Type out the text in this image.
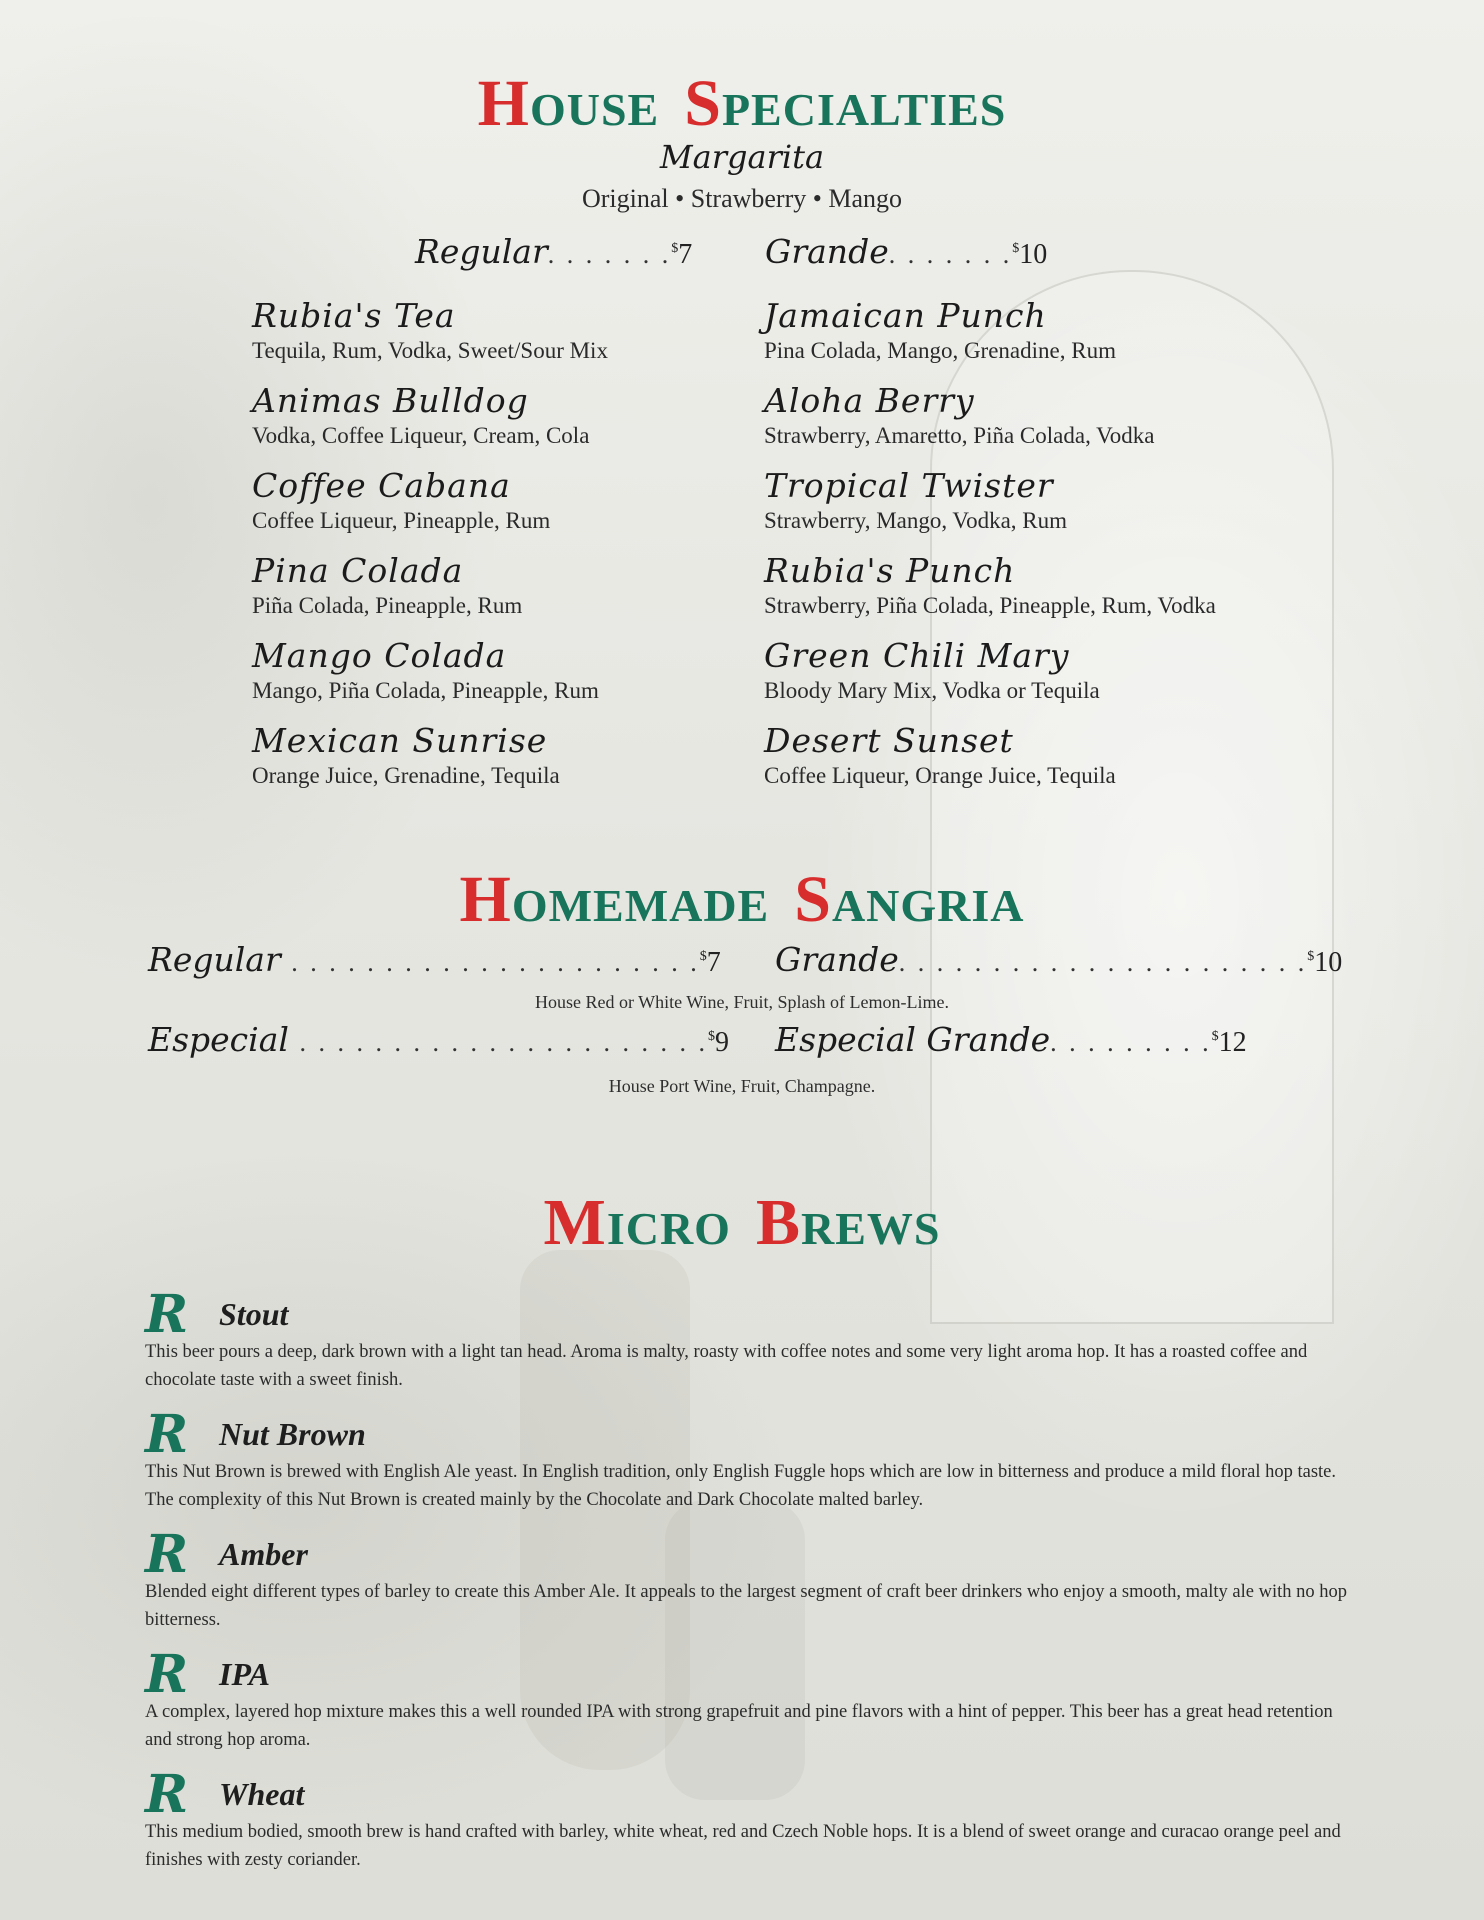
HOUSE SPECIALTIES
Margarita
Original • Strawberry • Mango
Regular. . . . . . .$7 Grande. . . . . . .$10
Rubia's Tea
Tequila, Rum, Vodka, Sweet/Sour Mix
Animas Bulldog
Vodka, Coffee Liqueur, Cream, Cola
Coffee Cabana
Coffee Liqueur, Pineapple, Rum
Pina Colada
Piña Colada, Pineapple, Rum
Mango Colada
Mango, Piña Colada, Pineapple, Rum
Mexican Sunrise
Orange Juice, Grenadine, Tequila
Jamaican Punch
Pina Colada, Mango, Grenadine, Rum
Aloha Berry
Strawberry, Amaretto, Piña Colada, Vodka
Tropical Twister
Strawberry, Mango, Vodka, Rum
Rubia's Punch
Strawberry, Piña Colada, Pineapple, Rum, Vodka
Green Chili Mary
Bloody Mary Mix, Vodka or Tequila
Desert Sunset
Coffee Liqueur, Orange Juice, Tequila
HOMEMADE SANGRIA
Regular . . . . . . . . . . . . . . . . . . . . . .$7 Grande. . . . . . . . . . . . . . . . . . . . . .$10
House Red or White Wine, Fruit, Splash of Lemon-Lime.
Especial . . . . . . . . . . . . . . . . . . . . . .$9 Especial Grande. . . . . . . . .$12
House Port Wine, Fruit, Champagne.
MICRO BREWS
R Stout
This beer pours a deep, dark brown with a light tan head. Aroma is malty, roasty with coffee notes and some very light aroma hop. It has a roasted coffee and chocolate taste with a sweet finish.
R Nut Brown
This Nut Brown is brewed with English Ale yeast. In English tradition, only English Fuggle hops which are low in bitterness and produce a mild floral hop taste. The complexity of this Nut Brown is created mainly by the Chocolate and Dark Chocolate malted barley.
R Amber
Blended eight different types of barley to create this Amber Ale. It appeals to the largest segment of craft beer drinkers who enjoy a smooth, malty ale with no hop bitterness.
R IPA
A complex, layered hop mixture makes this a well rounded IPA with strong grapefruit and pine flavors with a hint of pepper. This beer has a great head retention and strong hop aroma.
R Wheat
This medium bodied, smooth brew is hand crafted with barley, white wheat, red and Czech Noble hops. It is a blend of sweet orange and curacao orange peel and finishes with zesty coriander.
